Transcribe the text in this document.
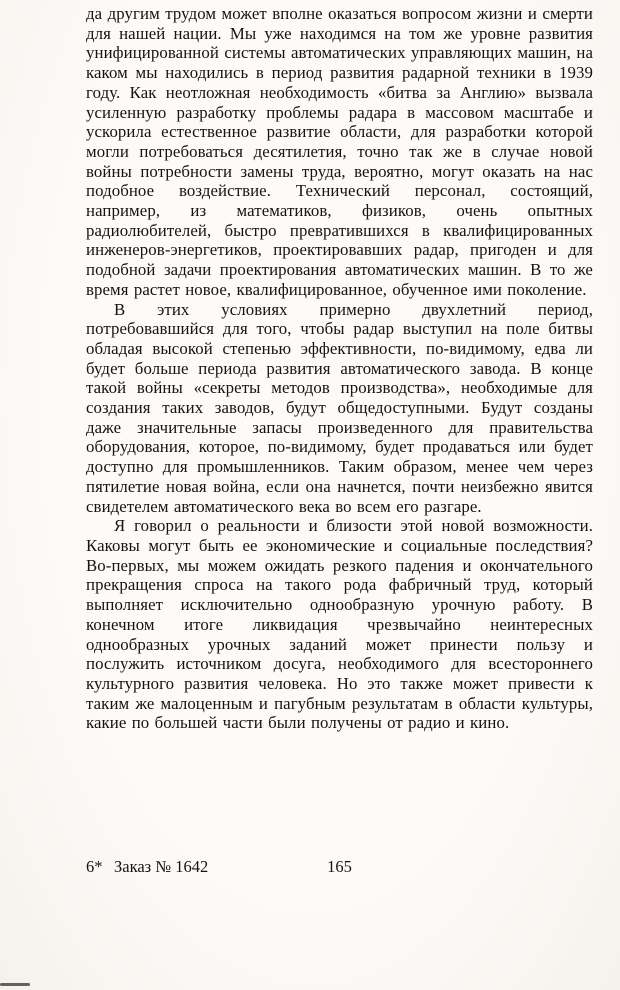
да другим трудом может вполне оказаться вопросом жизни и смерти для нашей нации. Мы уже находимся на том же уровне развития унифицированной системы автоматических управляющих машин, на каком мы находились в период развития радарной техники в 1939 году. Как неотложная необходимость «битва за Англию» вызвала усиленную разработку проблемы радара в массовом масштабе и ускорила естественное развитие области, для разработки которой могли потребоваться десятилетия, точно так же в случае новой войны потребности замены труда, вероятно, могут оказать на нас подобное воздействие. Технический персонал, состоящий, например, из математиков, физиков, очень опытных радиолюбителей, быстро превратившихся в квалифицированных инженеров-энергетиков, проектировавших радар, пригоден и для подобной задачи проектирования автоматических машин. В то же время растет новое, квалифицированное, обученное ими поколение.

В этих условиях примерно двухлетний период, потребовавшийся для того, чтобы радар выступил на поле битвы обладая высокой степенью эффективности, по-видимому, едва ли будет больше периода развития автоматического завода. В конце такой войны «секреты методов производства», необходимые для создания таких заводов, будут общедоступными. Будут созданы даже значительные запасы произведенного для правительства оборудования, которое, по-видимому, будет продаваться или будет доступно для промышленников. Таким образом, менее чем через пятилетие новая война, если она начнется, почти неизбежно явится свидетелем автоматического века во всем его разгаре.

Я говорил о реальности и близости этой новой возможности. Каковы могут быть ее экономические и социальные последствия? Во-первых, мы можем ожидать резкого падения и окончательного прекращения спроса на такого рода фабричный труд, который выполняет исключительно однообразную урочную работу. В конечном итоге ликвидация чрезвычайно неинтересных однообразных урочных заданий может принести пользу и послужить источником досуга, необходимого для всестороннего культурного развития человека. Но это также может привести к таким же малоценным и пагубным результатам в области культуры, какие по большей части были получены от радио и кино.

6* Заказ № 1642	165
